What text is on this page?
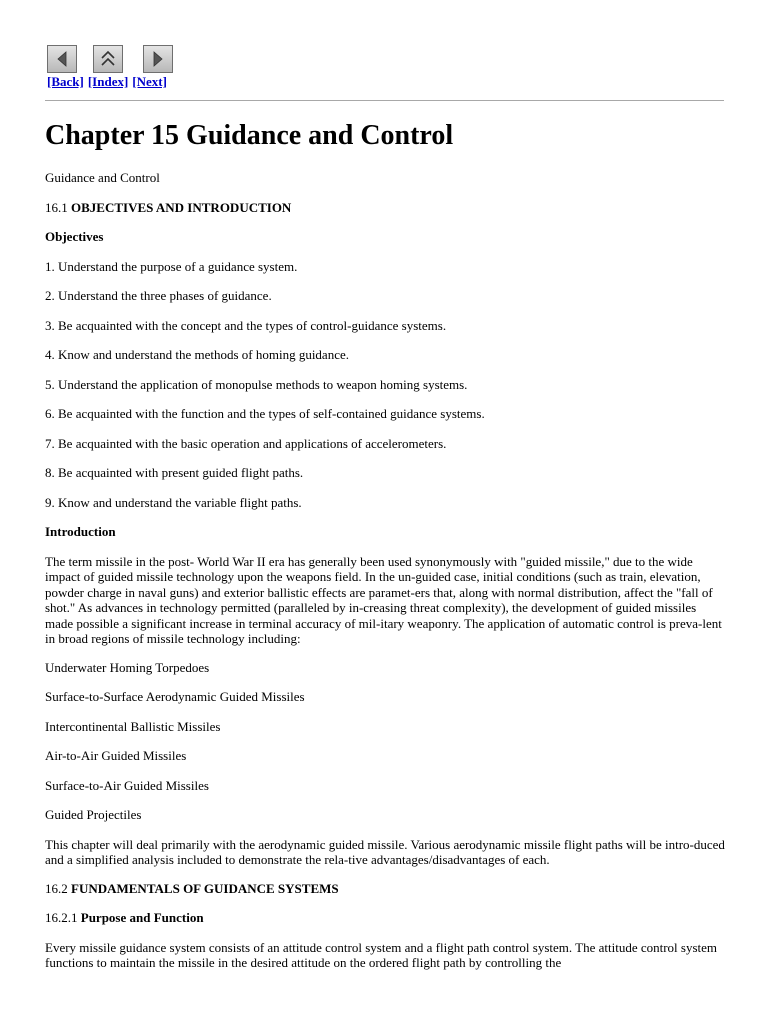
[Back] [Index] [Next]
Chapter 15 Guidance and Control

Guidance and Control

16.1 OBJECTIVES AND INTRODUCTION

Objectives

1. Understand the purpose of a guidance system.
2. Understand the three phases of guidance.
3. Be acquainted with the concept and the types of control-guidance systems.
4. Know and understand the methods of homing guidance.
5. Understand the application of monopulse methods to weapon homing systems.
6. Be acquainted with the function and the types of self-contained guidance systems.
7. Be acquainted with the basic operation and applications of accelerometers.
8. Be acquainted with present guided flight paths.
9. Know and understand the variable flight paths.

Introduction

The term missile in the post- World War II era has generally been used synonymously with "guided missile," due to the wide impact of guided missile technology upon the weapons field. In the un-guided case, initial conditions (such as train, elevation, powder charge in naval guns) and exterior ballistic effects are paramet-ers that, along with normal distribution, affect the "fall of shot." As advances in technology permitted (paralleled by in-creasing threat complexity), the development of guided missiles made possible a significant increase in terminal accuracy of mil-itary weaponry. The application of automatic control is preva-lent in broad regions of missile technology including:

Underwater Homing Torpedoes
Surface-to-Surface Aerodynamic Guided Missiles
Intercontinental Ballistic Missiles
Air-to-Air Guided Missiles
Surface-to-Air Guided Missiles
Guided Projectiles

This chapter will deal primarily with the aerodynamic guided missile. Various aerodynamic missile flight paths will be intro-duced and a simplified analysis included to demonstrate the rela-tive advantages/disadvantages of each.

16.2 FUNDAMENTALS OF GUIDANCE SYSTEMS

16.2.1 Purpose and Function

Every missile guidance system consists of an attitude control system and a flight path control system. The attitude control system functions to maintain the missile in the desired attitude on the ordered flight path by controlling the
